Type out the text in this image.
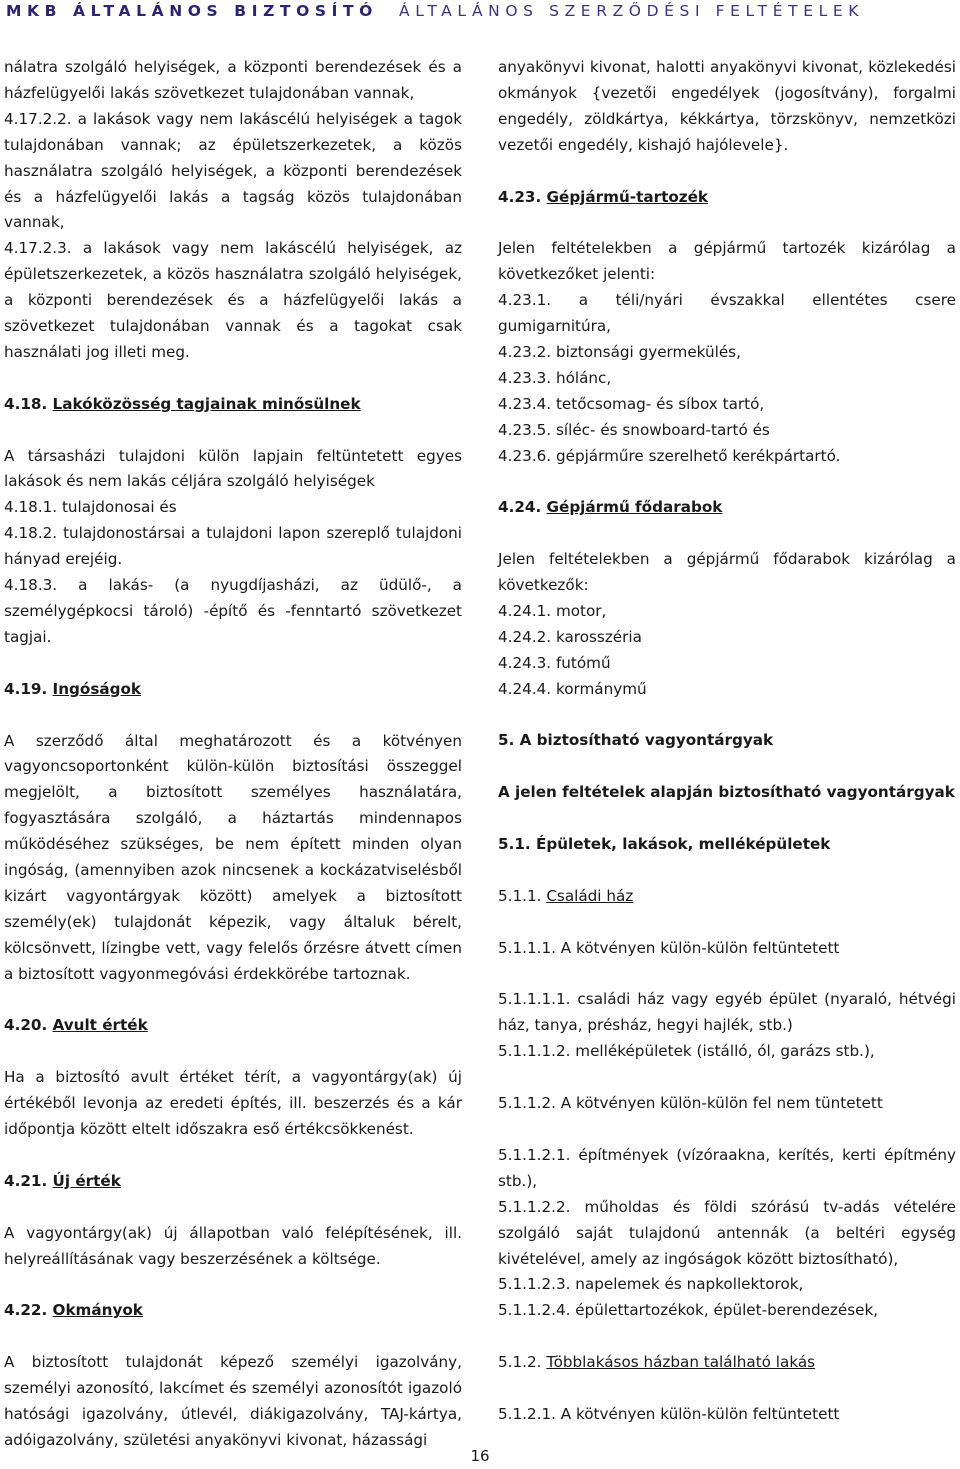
MKB ÁLTALÁNOS BIZTOSÍTÓ ÁLTALÁNOS SZERZŐDÉSI FELTÉTELEK

nálatra szolgáló helyiségek, a központi berendezések és a házfelügyelői lakás szövetkezet tulajdonában vannak,

4.17.2.2. a lakások vagy nem lakáscélú helyiségek a tagok tulajdonában vannak; az épületszerkezetek, a közös használatra szolgáló helyiségek, a központi berendezések és a házfelügyelői lakás a tagság közös tulajdonában vannak,

4.17.2.3. a lakások vagy nem lakáscélú helyiségek, az épületszerkezetek, a közös használatra szolgáló helyiségek, a központi berendezések és a házfelügyelői lakás a szövetkezet tulajdonában vannak és a tagokat csak használati jog illeti meg.

4.18. Lakóközösség tagjainak minősülnek

A társasházi tulajdoni külön lapjain feltüntetett egyes lakások és nem lakás céljára szolgáló helyiségek

4.18.1. tulajdonosai és

4.18.2. tulajdonostársai a tulajdoni lapon szereplő tulajdoni hányad erejéig.

4.18.3. a lakás- (a nyugdíjasházi, az üdülő-, a személygépkocsi tároló) -építő és -fenntartó szövetkezet tagjai.

4.19. Ingóságok

A szerződő által meghatározott és a kötvényen vagyoncsoportonként külön-külön biztosítási összeggel megjelölt, a biztosított személyes használatára, fogyasztására szolgáló, a háztartás mindennapos működéséhez szükséges, be nem épített minden olyan ingóság, (amennyiben azok nincsenek a kockázatviselésből kizárt vagyontárgyak között) amelyek a biztosított személy(ek) tulajdonát képezik, vagy általuk bérelt, kölcsönvett, lízingbe vett, vagy felelős őrzésre átvett címen a biztosított vagyonmegóvási érdekkörébe tartoznak.

4.20. Avult érték

Ha a biztosító avult értéket térít, a vagyontárgy(ak) új értékéből levonja az eredeti építés, ill. beszerzés és a kár időpontja között eltelt időszakra eső értékcsökkenést.

4.21. Új érték

A vagyontárgy(ak) új állapotban való felépítésének, ill. helyreállításának vagy beszerzésének a költsége.

4.22. Okmányok

A biztosított tulajdonát képező személyi igazolvány, személyi azonosító, lakcímet és személyi azonosítót igazoló hatósági igazolvány, útlevél, diákigazolvány, TAJ-kártya, adóigazolvány, születési anyakönyvi kivonat, házassági

anyakönyvi kivonat, halotti anyakönyvi kivonat, közlekedési okmányok {vezetői engedélyek (jogosítvány), forgalmi engedély, zöldkártya, kékkártya, törzskönyv, nemzetközi vezetői engedély, kishajó hajólevele}.

4.23. Gépjármű-tartozék

Jelen feltételekben a gépjármű tartozék kizárólag a következőket jelenti:

4.23.1. a téli/nyári évszakkal ellentétes csere gumigarnitúra,

4.23.2. biztonsági gyermekülés,

4.23.3. hólánc,

4.23.4. tetőcsomag- és síbox tartó,

4.23.5. síléc- és snowboard-tartó és

4.23.6. gépjárműre szerelhető kerékpártartó.

4.24. Gépjármű fődarabok

Jelen feltételekben a gépjármű fődarabok kizárólag a következők:

4.24.1. motor,

4.24.2. karosszéria

4.24.3. futómű

4.24.4. kormánymű

5. A biztosítható vagyontárgyak

A jelen feltételek alapján biztosítható vagyontárgyak

5.1. Épületek, lakások, melléképületek

5.1.1. Családi ház

5.1.1.1. A kötvényen külön-külön feltüntetett

5.1.1.1.1. családi ház vagy egyéb épület (nyaraló, hétvégi ház, tanya, présház, hegyi hajlék, stb.)

5.1.1.1.2. melléképületek (istálló, ól, garázs stb.),

5.1.1.2. A kötvényen külön-külön fel nem tüntetett

5.1.1.2.1. építmények (vízóraakna, kerítés, kerti építmény stb.),

5.1.1.2.2. műholdas és földi szórású tv-adás vételére szolgáló saját tulajdonú antennák (a beltéri egység kivételével, amely az ingóságok között biztosítható),

5.1.1.2.3. napelemek és napkollektorok,

5.1.1.2.4. épülettartozékok, épület-berendezések,

5.1.2. Többlakásos házban található lakás

5.1.2.1. A kötvényen külön-külön feltüntetett

16
